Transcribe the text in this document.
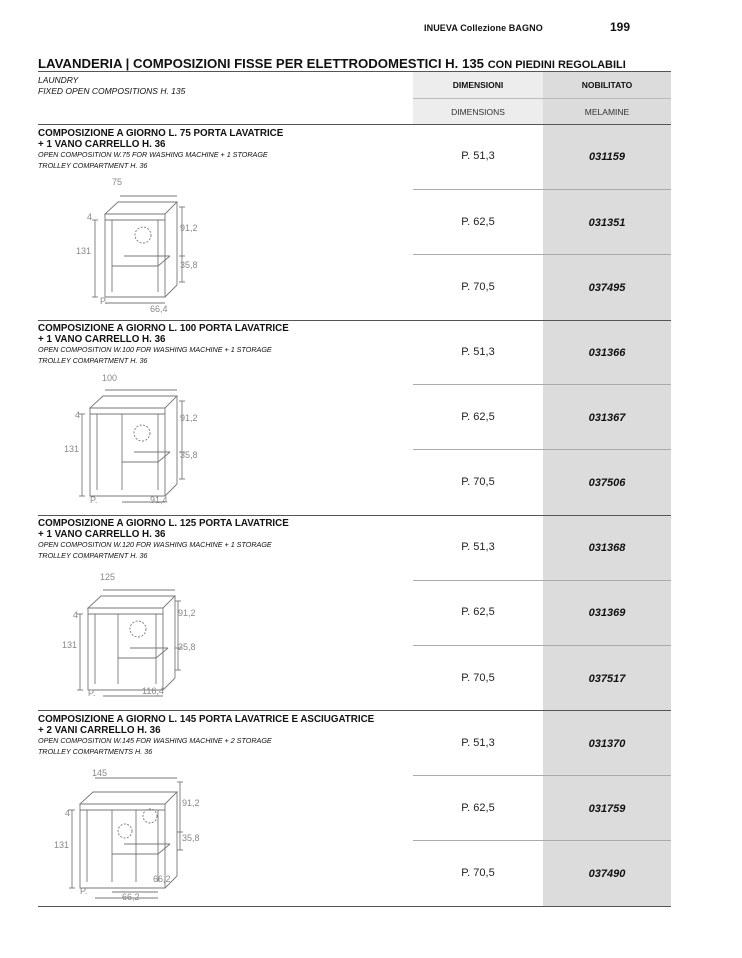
INUEVA Collezione BAGNO	199
LAVANDERIA | COMPOSIZIONI FISSE PER ELETTRODOMESTICI H. 135 CON PIEDINI REGOLABILI
LAUNDRY
FIXED OPEN COMPOSITIONS H. 135
DIMENSIONI	NOBILITATO
DIMENSIONS	MELAMINE
COMPOSIZIONE A GIORNO L. 75 PORTA LAVATRICE
+ 1 VANO CARRELLO H. 36
OPEN COMPOSITION W.75 FOR WASHING MACHINE + 1 STORAGE
TROLLEY COMPARTMENT H. 36
75
4
131
91,2
35,8
P.
66,4
P. 51,3	031159
P. 62,5	031351
P. 70,5	037495
COMPOSIZIONE A GIORNO L. 100 PORTA LAVATRICE
+ 1 VANO CARRELLO H. 36
OPEN COMPOSITION W.100 FOR WASHING MACHINE + 1 STORAGE
TROLLEY COMPARTMENT H. 36
100
4
131
91,2
35,8
P.	91,4
P. 51,3	031366
P. 62,5	031367
P. 70,5	037506
COMPOSIZIONE A GIORNO L. 125 PORTA LAVATRICE
+ 1 VANO CARRELLO H. 36
OPEN COMPOSITION W.120 FOR WASHING MACHINE + 1 STORAGE
TROLLEY COMPARTMENT H. 36
125
4
131
91,2
35,8
P.	116,4
P. 51,3	031368
P. 62,5	031369
P. 70,5	037517
COMPOSIZIONE A GIORNO L. 145 PORTA LAVATRICE E ASCIUGATRICE
+ 2 VANI CARRELLO H. 36
OPEN COMPOSITION W.145 FOR WASHING MACHINE + 2 STORAGE
TROLLEY COMPARTMENTS H. 36
145
4
131
91,2
35,8
P.
66,2
66,2
P. 51,3	031370
P. 62,5	031759
P. 70,5	037490
